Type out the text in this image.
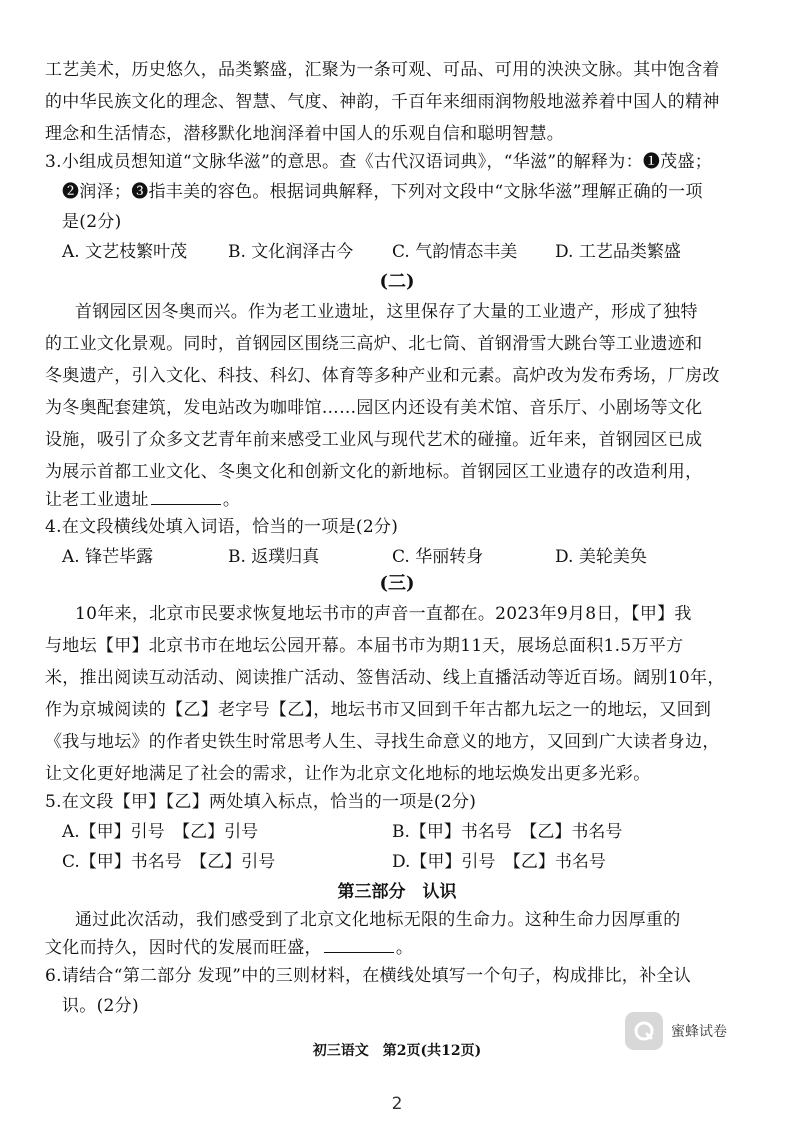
工艺美术，历史悠久，品类繁盛，汇聚为一条可观、可品、可用的泱泱文脉。其中饱含着
的中华民族文化的理念、智慧、气度、神韵，千百年来细雨润物般地滋养着中国人的精神
理念和生活情态，潜移默化地润泽着中国人的乐观自信和聪明智慧。
3.小组成员想知道“文脉华滋”的意思。查《古代汉语词典》，“华滋”的解释为：❶茂盛；
❷润泽；❸指丰美的容色。根据词典解释，下列对文段中“文脉华滋”理解正确的一项
是(2分)
A. 文艺枝繁叶茂 B. 文化润泽古今 C. 气韵情态丰美 D. 工艺品类繁盛
(二)
首钢园区因冬奥而兴。作为老工业遗址，这里保存了大量的工业遗产，形成了独特
的工业文化景观。同时，首钢园区围绕三高炉、北七筒、首钢滑雪大跳台等工业遗迹和
冬奥遗产，引入文化、科技、科幻、体育等多种产业和元素。高炉改为发布秀场，厂房改
为冬奥配套建筑，发电站改为咖啡馆……园区内还设有美术馆、音乐厅、小剧场等文化
设施，吸引了众多文艺青年前来感受工业风与现代艺术的碰撞。近年来，首钢园区已成
为展示首都工业文化、冬奥文化和创新文化的新地标。首钢园区工业遗存的改造利用，
让老工业遗址	。
4.在文段横线处填入词语，恰当的一项是(2分)
A. 锋芒毕露	B. 返璞归真	C. 华丽转身	D. 美轮美奂
(三)
10年来，北京市民要求恢复地坛书市的声音一直都在。2023年9月8日，【甲】我
与地坛【甲】北京书市在地坛公园开幕。本届书市为期11天，展场总面积1.5万平方
米，推出阅读互动活动、阅读推广活动、签售活动、线上直播活动等近百场。阔别10年，
作为京城阅读的【乙】老字号【乙】，地坛书市又回到千年古都九坛之一的地坛，又回到
《我与地坛》的作者史铁生时常思考人生、寻找生命意义的地方，又回到广大读者身边，
让文化更好地满足了社会的需求，让作为北京文化地标的地坛焕发出更多光彩。
5.在文段【甲】【乙】两处填入标点，恰当的一项是(2分)
A.【甲】引号　【乙】引号	B.【甲】书名号　【乙】书名号
C.【甲】书名号　【乙】引号	D.【甲】引号　【乙】书名号
第三部分　认识
通过此次活动，我们感受到了北京文化地标无限的生命力。这种生命力因厚重的
文化而持久，因时代的发展而旺盛，	。
6.请结合“第二部分 发现”中的三则材料，在横线处填写一个句子，构成排比，补全认
识。(2分)
蜜蜂试卷
初三语文　第2页(共12页)
2
